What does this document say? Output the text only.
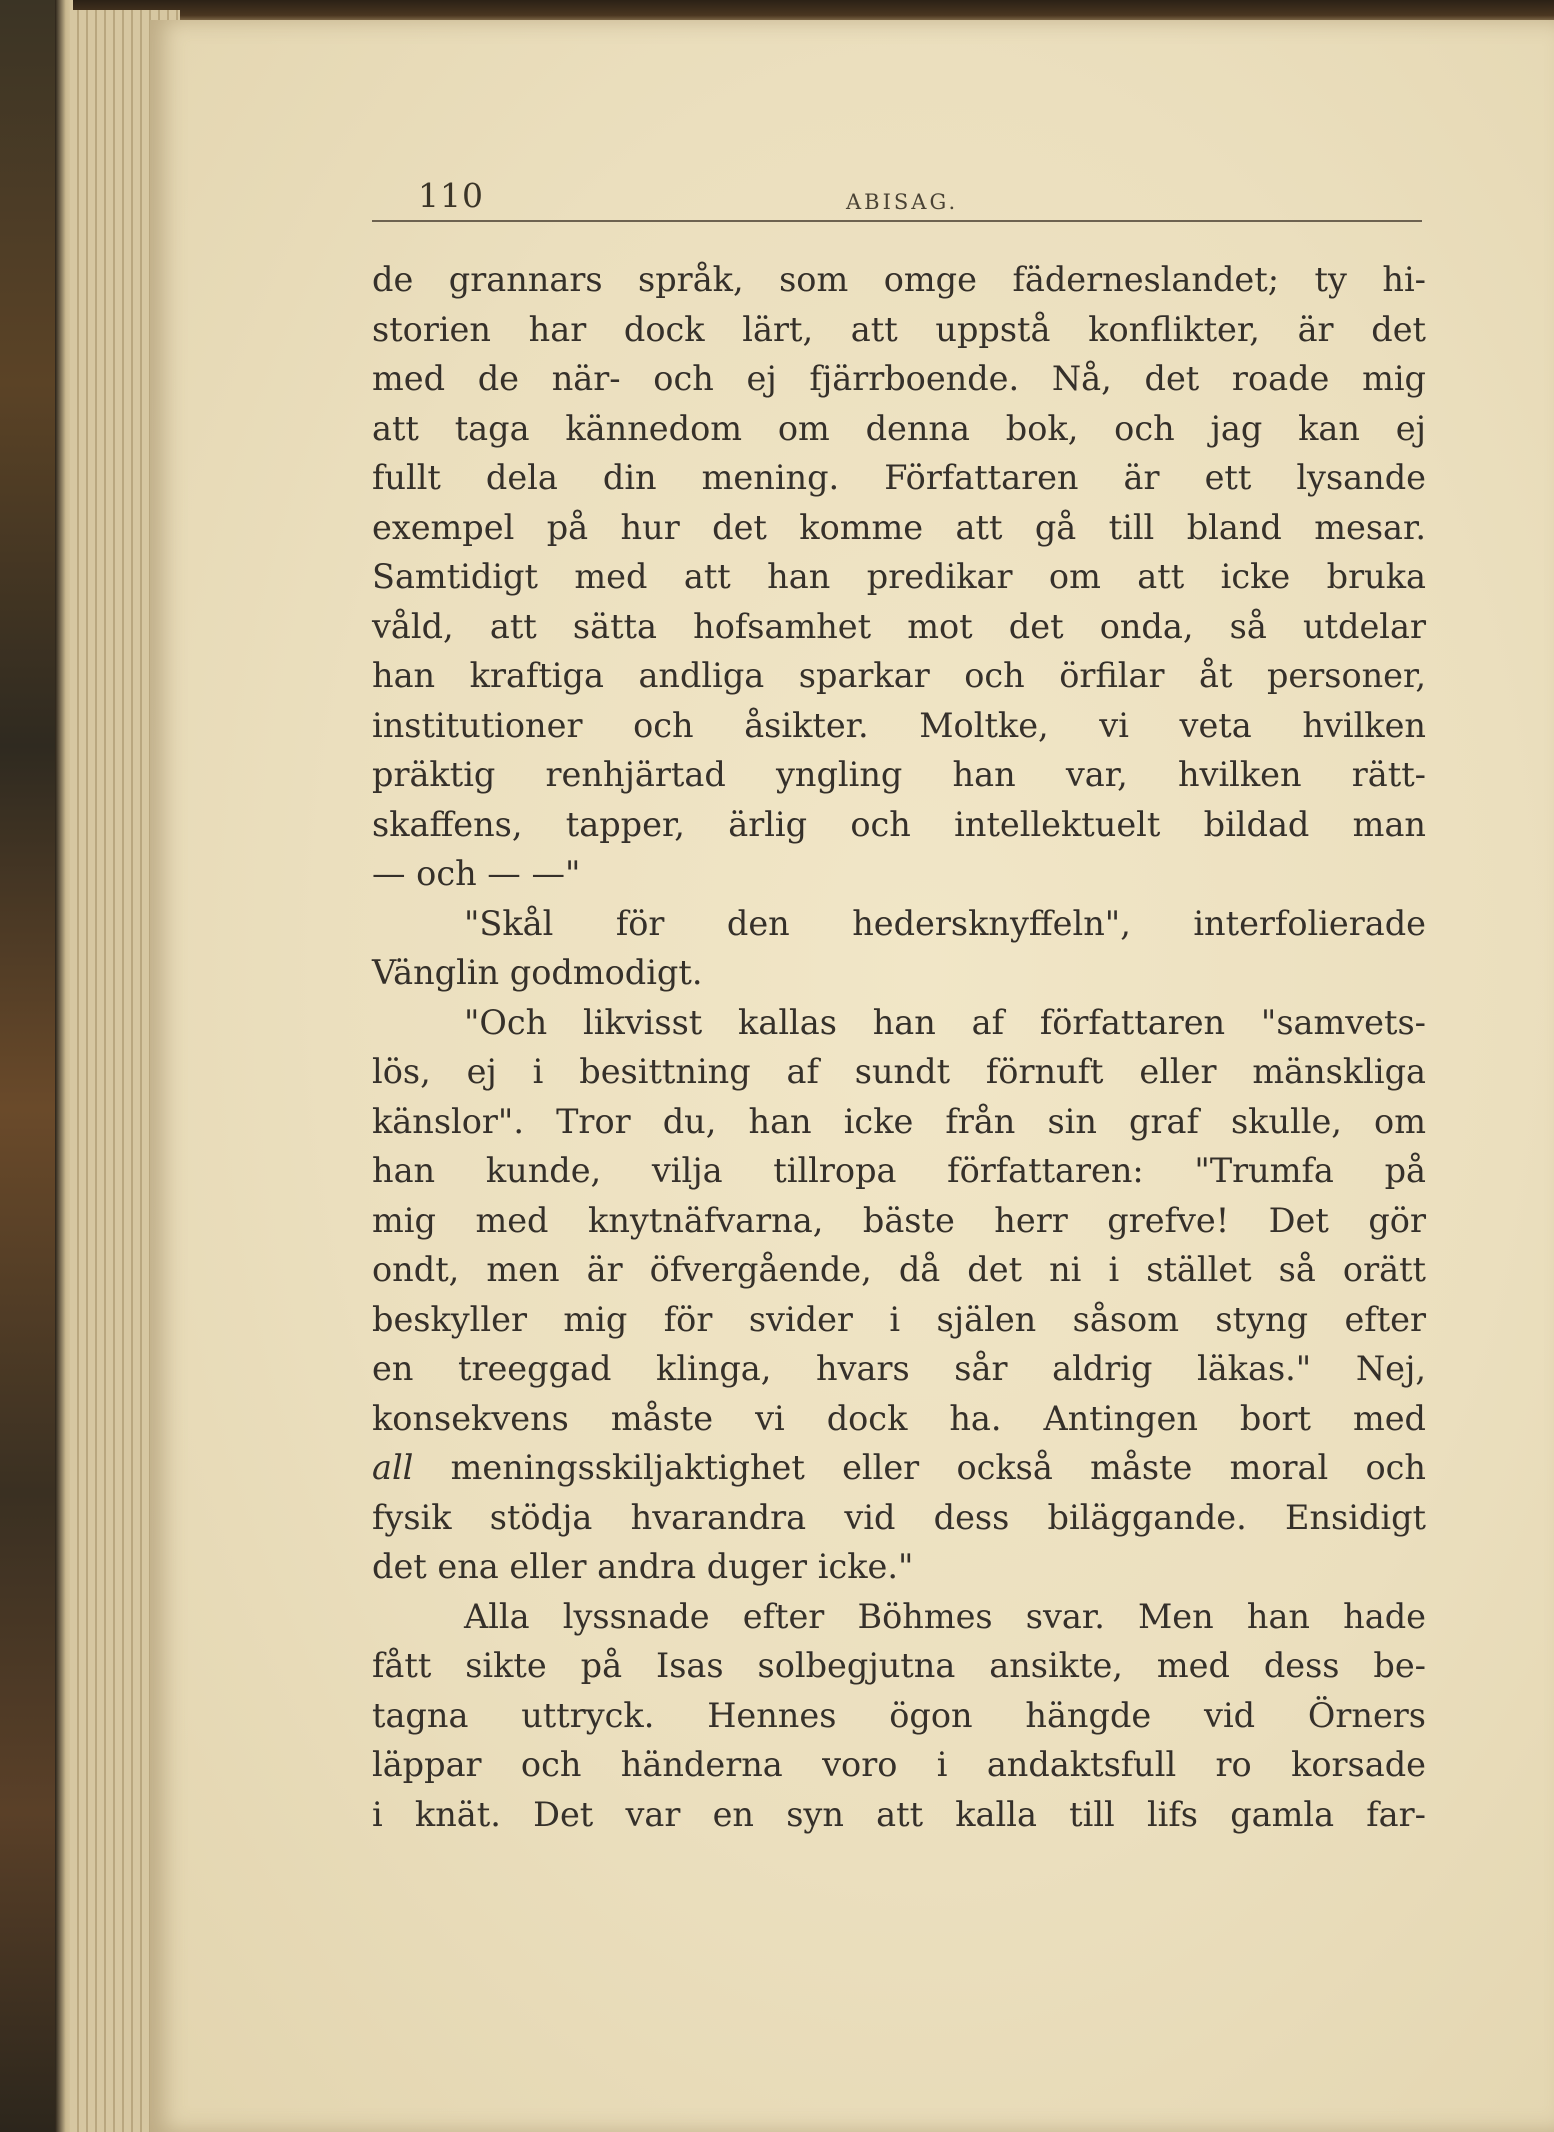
110	ABISAG.
de grannars språk, som omge fäderneslandet; ty hi-
storien har dock lärt, att uppstå konflikter, är det
med de när- och ej fjärrboende. Nå, det roade mig
att taga kännedom om denna bok, och jag kan ej
fullt dela din mening. Författaren är ett lysande
exempel på hur det komme att gå till bland mesar.
Samtidigt med att han predikar om att icke bruka
våld, att sätta hofsamhet mot det onda, så utdelar
han kraftiga andliga sparkar och örfilar åt personer,
institutioner och åsikter. Moltke, vi veta hvilken
präktig renhjärtad yngling han var, hvilken rätt-
skaffens, tapper, ärlig och intellektuelt bildad man
— och — —"
"Skål för den hedersknyffeln", interfolierade
Vänglin godmodigt.
"Och likvisst kallas han af författaren "samvets-
lös, ej i besittning af sundt förnuft eller mänskliga
känslor". Tror du, han icke från sin graf skulle, om
han kunde, vilja tillropa författaren: "Trumfa på
mig med knytnäfvarna, bäste herr grefve! Det gör
ondt, men är öfvergående, då det ni i stället så orätt
beskyller mig för svider i själen såsom styng efter
en treeggad klinga, hvars sår aldrig läkas." Nej,
konsekvens måste vi dock ha. Antingen bort med
all meningsskiljaktighet eller också måste moral och
fysik stödja hvarandra vid dess biläggande. Ensidigt
det ena eller andra duger icke."
Alla lyssnade efter Böhmes svar. Men han hade
fått sikte på Isas solbegjutna ansikte, med dess be-
tagna uttryck. Hennes ögon hängde vid Örners
läppar och händerna voro i andaktsfull ro korsade
i knät. Det var en syn att kalla till lifs gamla far-
